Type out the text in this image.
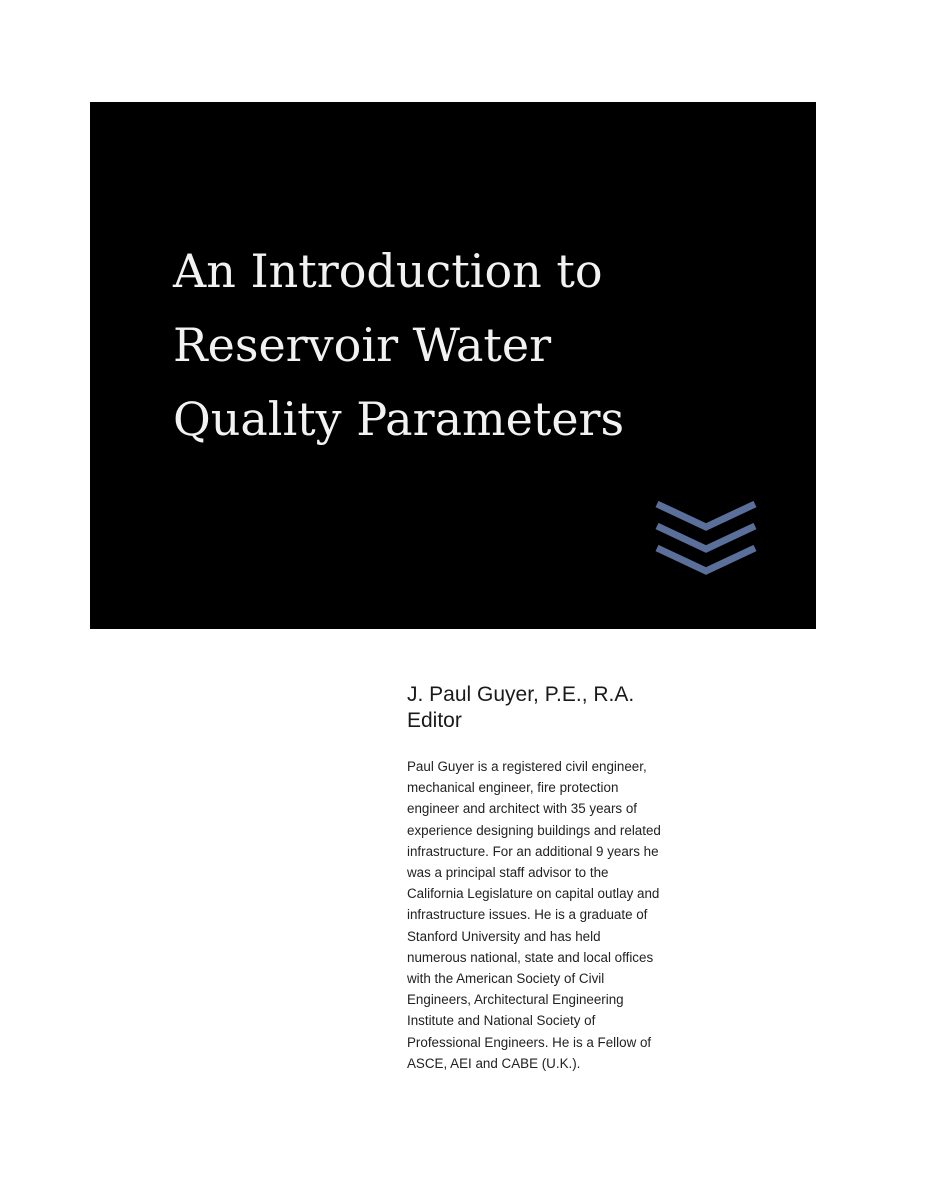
An Introduction to
Reservoir Water
Quality Parameters

J. Paul Guyer, P.E., R.A.

Editor

Paul Guyer is a registered civil engineer,
mechanical engineer, fire protection
engineer and architect with 35 years of
experience designing buildings and related
infrastructure. For an additional 9 years he
was a principal staff advisor to the
California Legislature on capital outlay and
infrastructure issues. He is a graduate of
Stanford University and has held
numerous national, state and local offices
with the American Society of Civil
Engineers, Architectural Engineering
Institute and National Society of
Professional Engineers. He is a Fellow of
ASCE, AEI and CABE (U.K.).
